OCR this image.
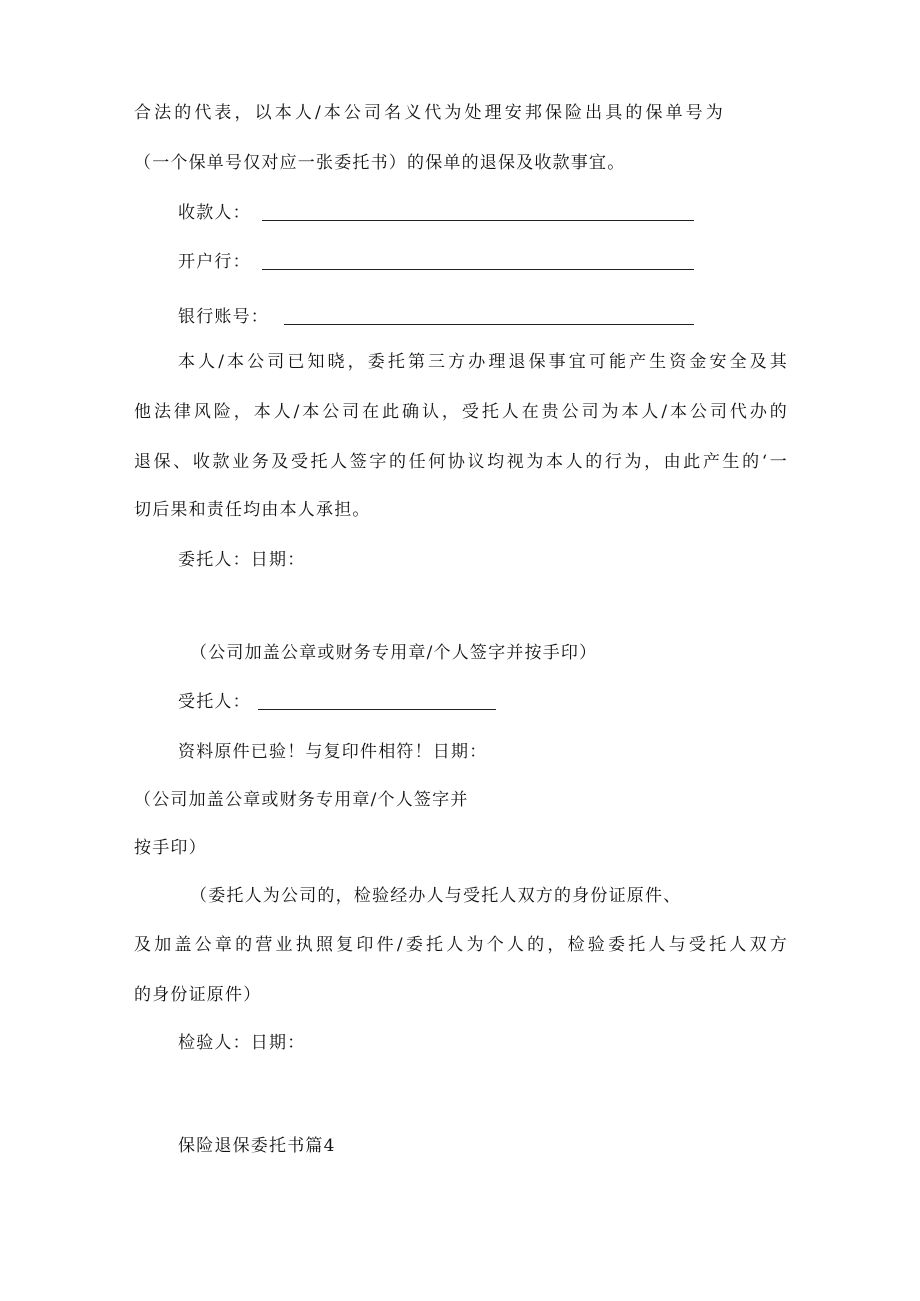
合法的代表，以本人/本公司名义代为处理安邦保险出具的保单号为
（一个保单号仅对应一张委托书）的保单的退保及收款事宜。
收款人：
开户行：
银行账号：
本人/本公司已知晓，委托第三方办理退保事宜可能产生资金安全及其
他法律风险，本人/本公司在此确认，受托人在贵公司为本人/本公司代办的
退保、收款业务及受托人签字的任何协议均视为本人的行为，由此产生的‘一
切后果和责任均由本人承担。
委托人：日期：
（公司加盖公章或财务专用章/个人签字并按手印）
受托人：
资料原件已验！与复印件相符！日期：
（公司加盖公章或财务专用章/个人签字并
按手印）
（委托人为公司的，检验经办人与受托人双方的身份证原件、
及加盖公章的营业执照复印件/委托人为个人的，检验委托人与受托人双方
的身份证原件）
检验人：日期：
保险退保委托书篇4
